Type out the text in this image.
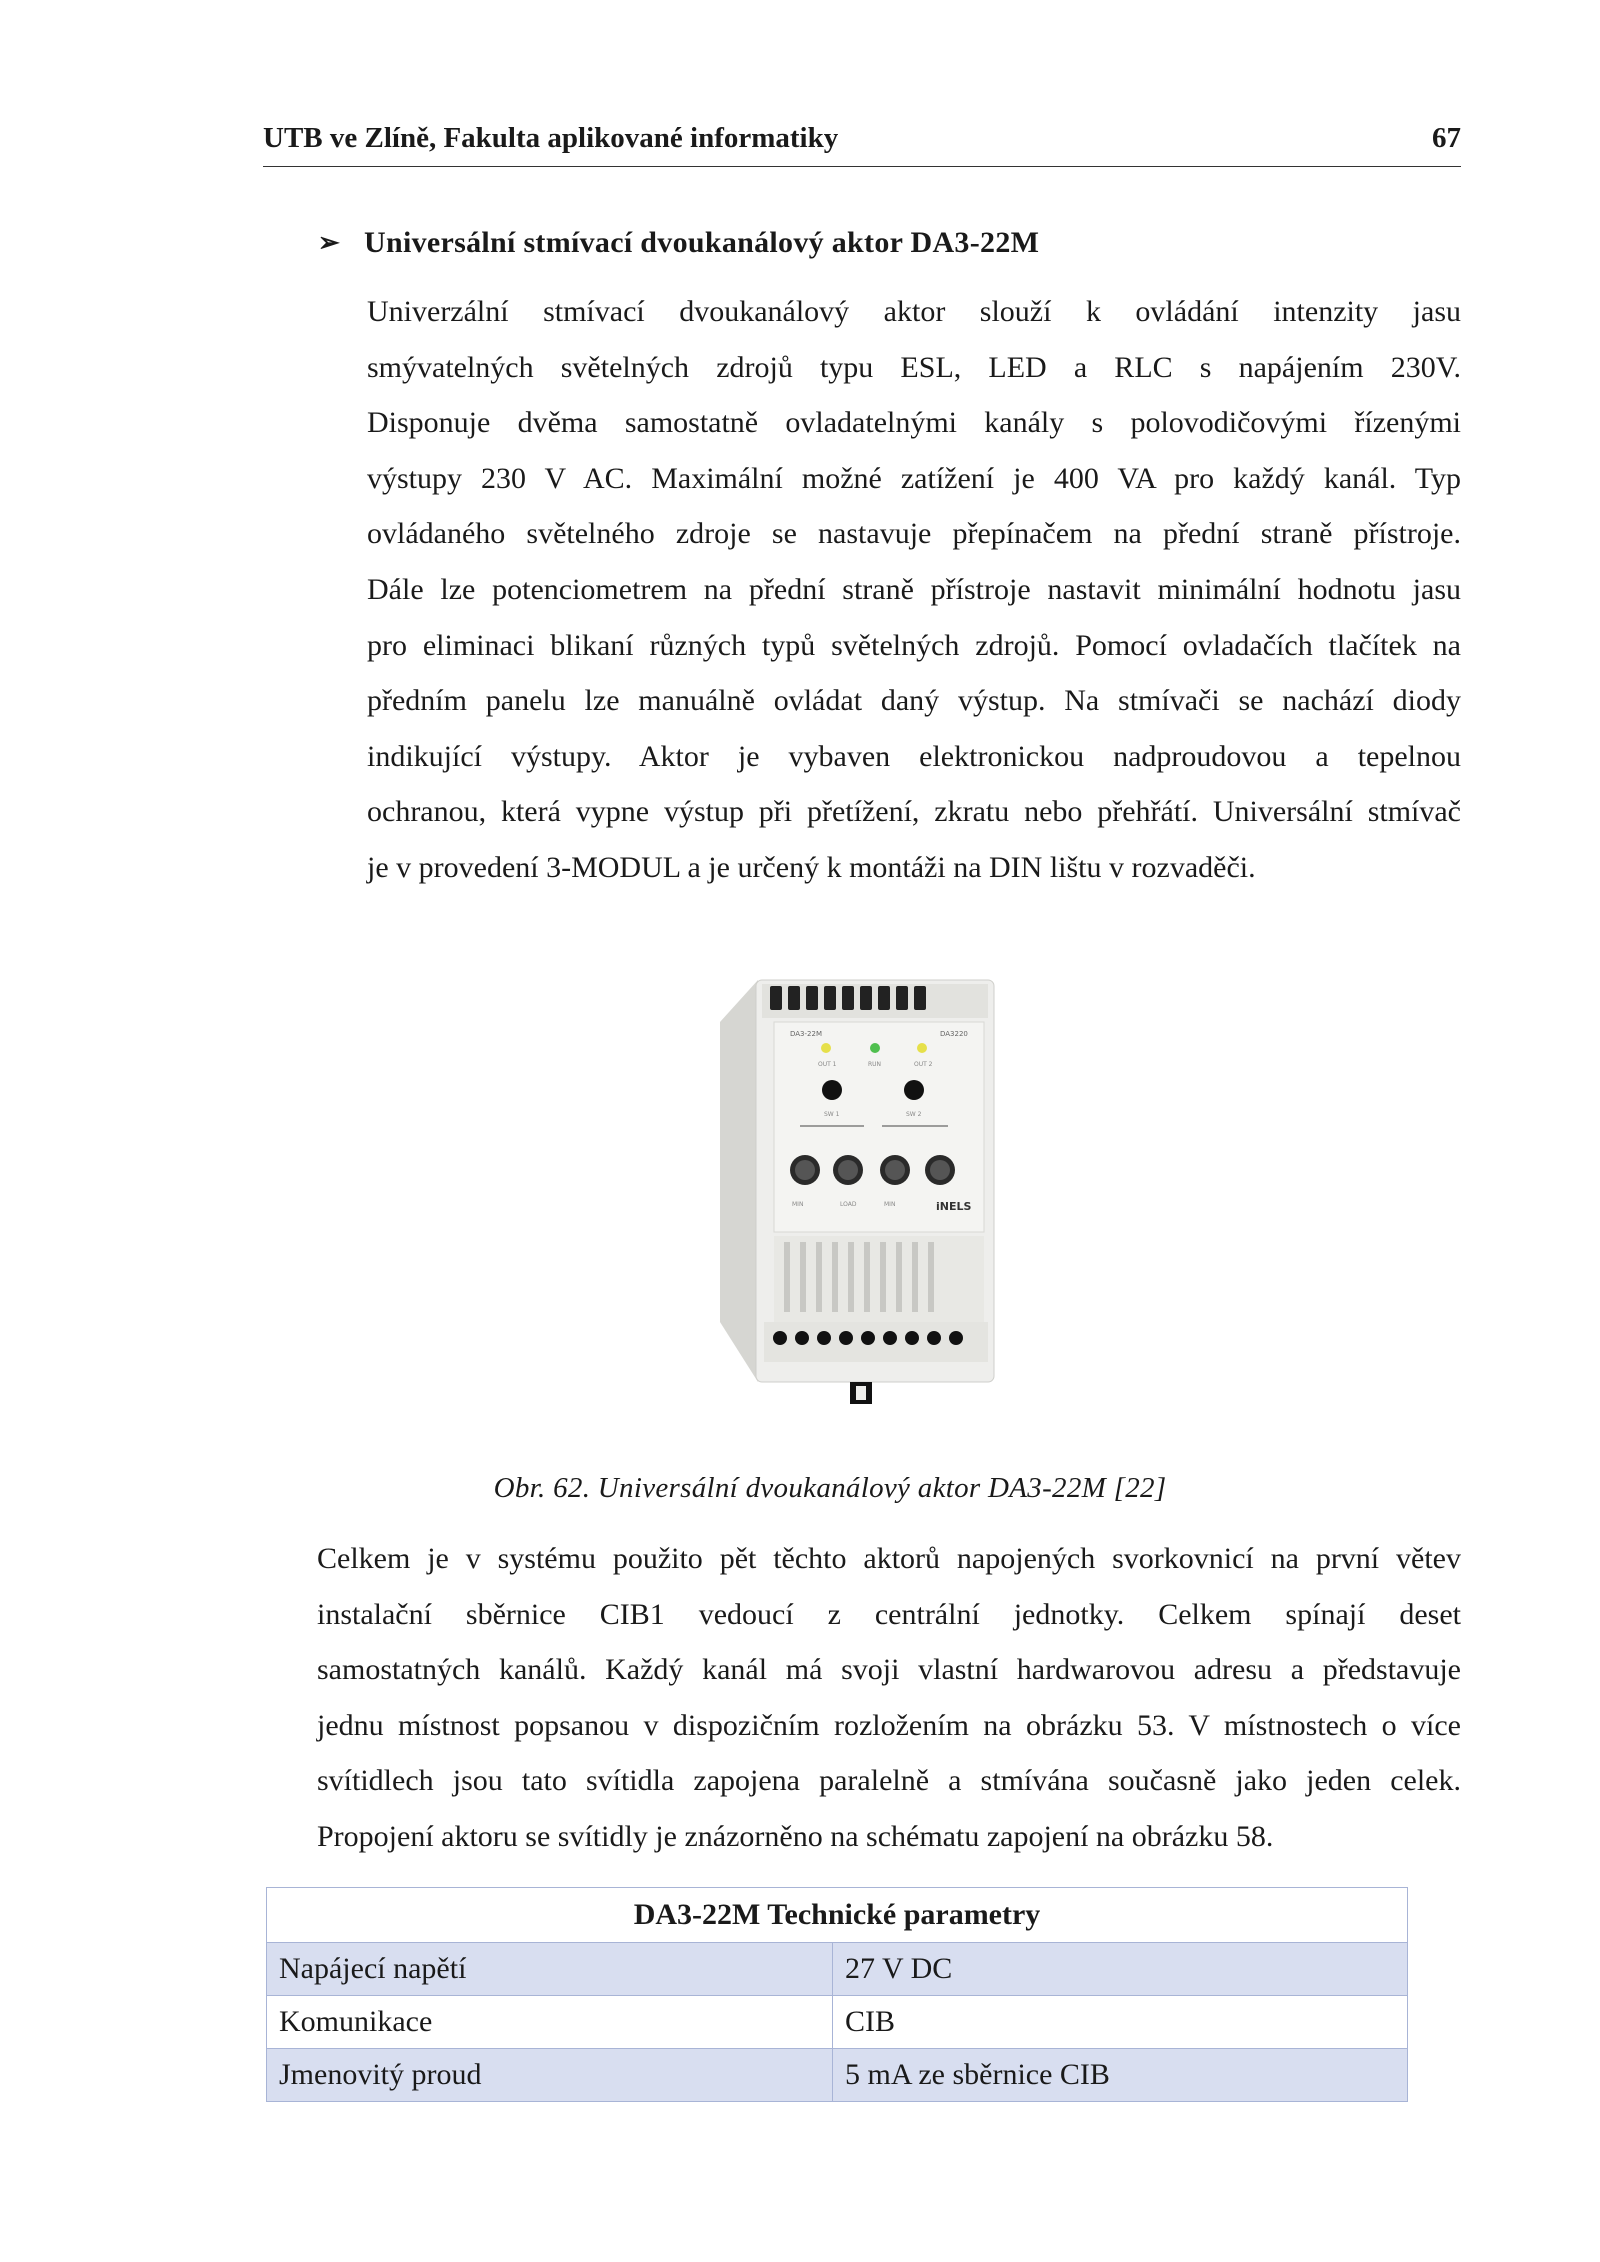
UTB ve Zlíně, Fakulta aplikované informatiky	67
➢ Universální stmívací dvoukanálový aktor DA3-22M
Univerzální stmívací dvoukanálový aktor slouží k ovládání intenzity jasu
smývatelných světelných zdrojů typu ESL, LED a RLC s napájením 230V.
Disponuje dvěma samostatně ovladatelnými kanály s polovodičovými řízenými
výstupy 230 V AC. Maximální možné zatížení je 400 VA pro každý kanál. Typ
ovládaného světelného zdroje se nastavuje přepínačem na přední straně přístroje.
Dále lze potenciometrem na přední straně přístroje nastavit minimální hodnotu jasu
pro eliminaci blikaní různých typů světelných zdrojů. Pomocí ovladačích tlačítek na
předním panelu lze manuálně ovládat daný výstup. Na stmívači se nachází diody
indikující výstupy. Aktor je vybaven elektronickou nadproudovou a tepelnou
ochranou, která vypne výstup při přetížení, zkratu nebo přehřátí. Universální stmívač
je v provedení 3-MODUL a je určený k montáži na DIN lištu v rozvaděči.
DA3-22M	DA3220
OUT 1	RUN	OUT 2
SW 1	SW 2
MIN	LOAD	MIN	iNELS
Obr. 62. Universální dvoukanálový aktor DA3-22M [22]
Celkem je v systému použito pět těchto aktorů napojených svorkovnicí na první větev
instalační sběrnice CIB1 vedoucí z centrální jednotky. Celkem spínají deset
samostatných kanálů. Každý kanál má svoji vlastní hardwarovou adresu a představuje
jednu místnost popsanou v dispozičním rozložením na obrázku 53. V místnostech o více
svítidlech jsou tato svítidla zapojena paralelně a stmívána současně jako jeden celek.
Propojení aktoru se svítidly je znázorněno na schématu zapojení na obrázku 58.
DA3-22M Technické parametry	
Napájecí napětí	27 V DC
Komunikace	CIB
Jmenovitý proud	5 mA ze sběrnice CIB
